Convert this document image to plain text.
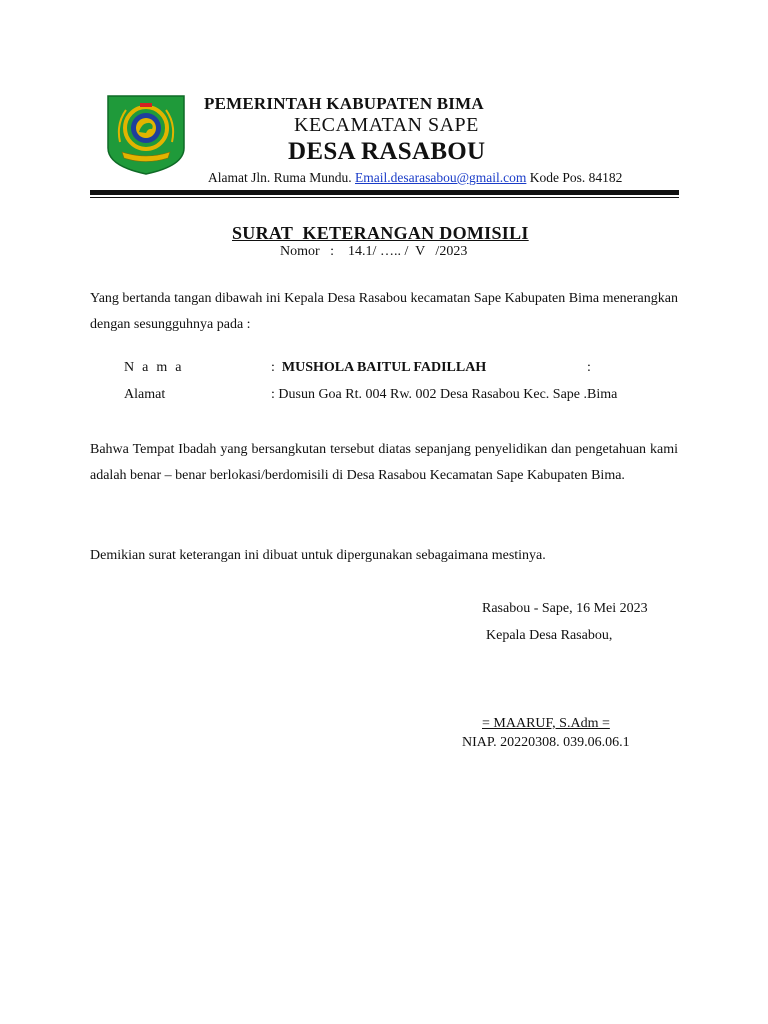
PEMERINTAH KABUPATEN BIMA
KECAMATAN SAPE
DESA RASABOU
Alamat Jln. Ruma Mundu. Email.desarasabou@gmail.com Kode Pos. 84182
SURAT  KETERANGAN DOMISILI
Nomor   :    14.1/ ….. /  V   /2023
Yang bertanda tangan dibawah ini Kepala Desa Rasabou kecamatan Sape Kabupaten Bima menerangkan dengan sesungguhnya pada :
Nama	:  MUSHOLA BAITUL FADILLAH	:
Alamat	: Dusun Goa Rt. 004 Rw. 002 Desa Rasabou Kec. Sape .Bima
Bahwa Tempat Ibadah yang bersangkutan tersebut diatas sepanjang penyelidikan dan pengetahuan kami adalah benar – benar berlokasi/berdomisili di Desa Rasabou Kecamatan Sape Kabupaten Bima.
Demikian surat keterangan ini dibuat untuk dipergunakan sebagaimana mestinya.
Rasabou - Sape, 16 Mei 2023
Kepala Desa Rasabou,
= MAARUF, S.Adm =
NIAP. 20220308. 039.06.06.1
